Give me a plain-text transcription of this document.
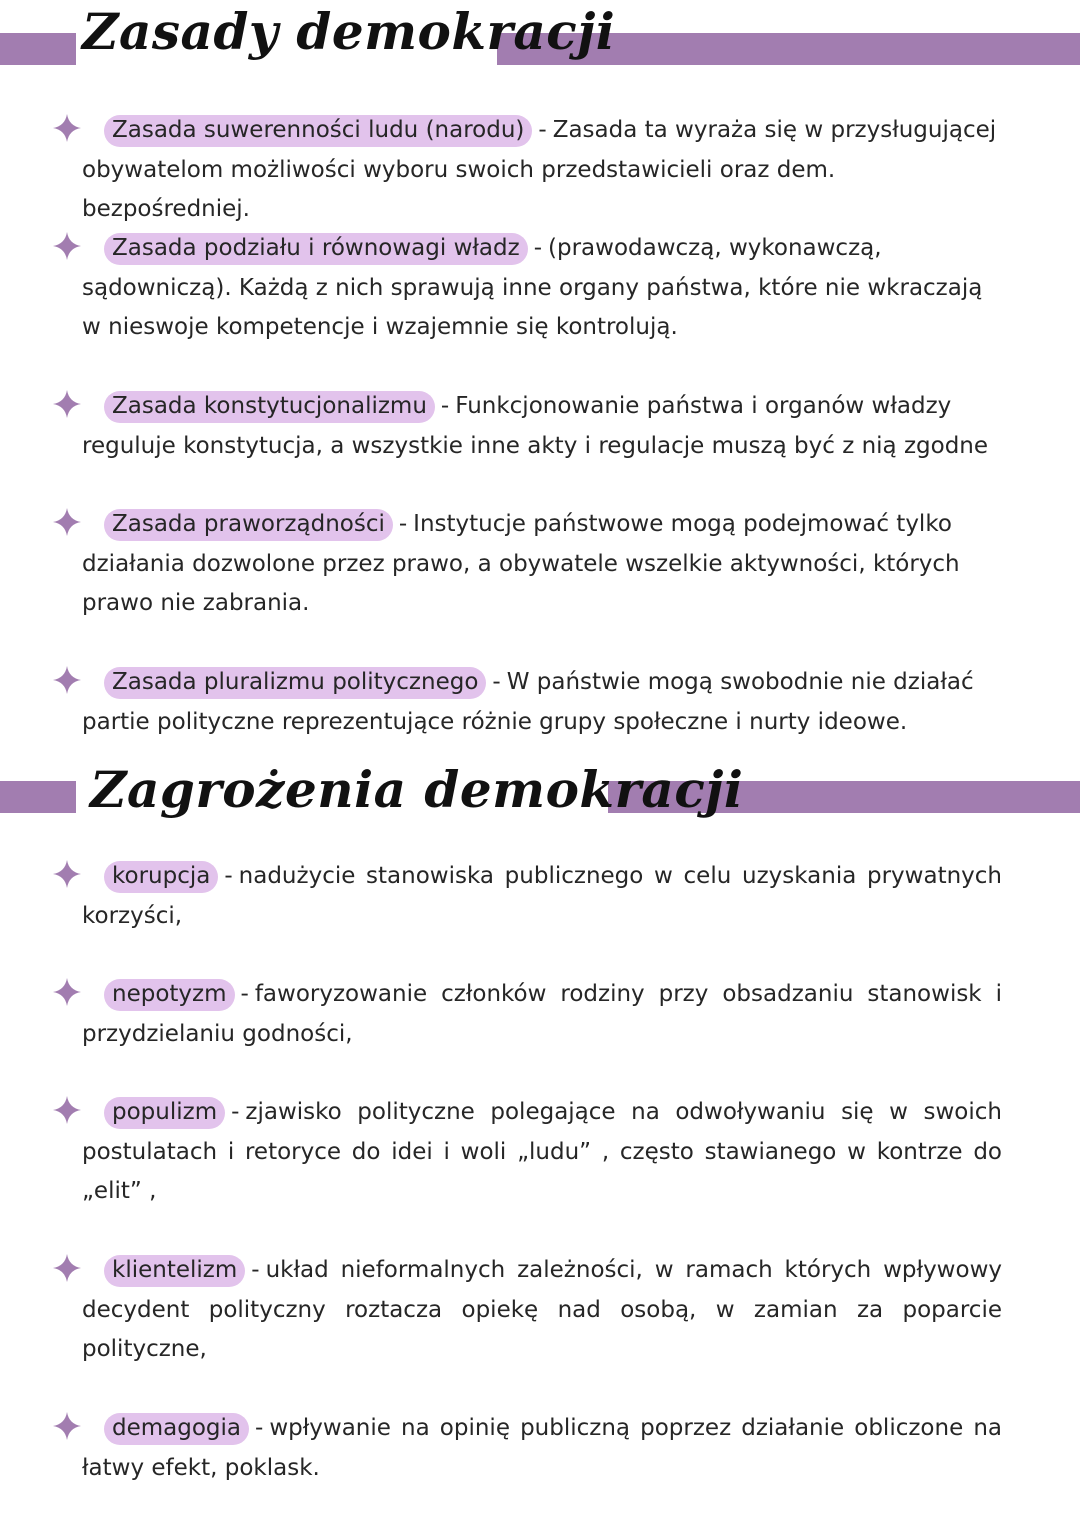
Zasady demokracji
Zasada suwerenności ludu (narodu) - Zasada ta wyraża się w przysługującej obywatelom możliwości wyboru swoich przedstawicieli oraz dem. bezpośredniej.
Zasada podziału i równowagi władz - (prawodawczą, wykonawczą, sądowniczą). Każdą z nich sprawują inne organy państwa, które nie wkraczają w nieswoje kompetencje i wzajemnie się kontrolują.
Zasada konstytucjonalizmu - Funkcjonowanie państwa i organów władzy reguluje konstytucja, a wszystkie inne akty i regulacje muszą być z nią zgodne
Zasada praworządności - Instytucje państwowe mogą podejmować tylko działania dozwolone przez prawo, a obywatele wszelkie aktywności, których prawo nie zabrania.
Zasada pluralizmu politycznego - W państwie mogą swobodnie nie działać partie polityczne reprezentujące różnie grupy społeczne i nurty ideowe.
Zagrożenia demokracji
korupcja - nadużycie stanowiska publicznego w celu uzyskania prywatnych korzyści,
nepotyzm - faworyzowanie członków rodziny przy obsadzaniu stanowisk i przydzielaniu godności,
populizm - zjawisko polityczne polegające na odwoływaniu się w swoich postulatach i retoryce do idei i woli „ludu” , często stawianego w kontrze do „elit” ,
klientelizm - układ nieformalnych zależności, w ramach których wpływowy decydent polityczny roztacza opiekę nad osobą, w zamian za poparcie polityczne,
demagogia - wpływanie na opinię publiczną poprzez działanie obliczone na łatwy efekt, poklask.
